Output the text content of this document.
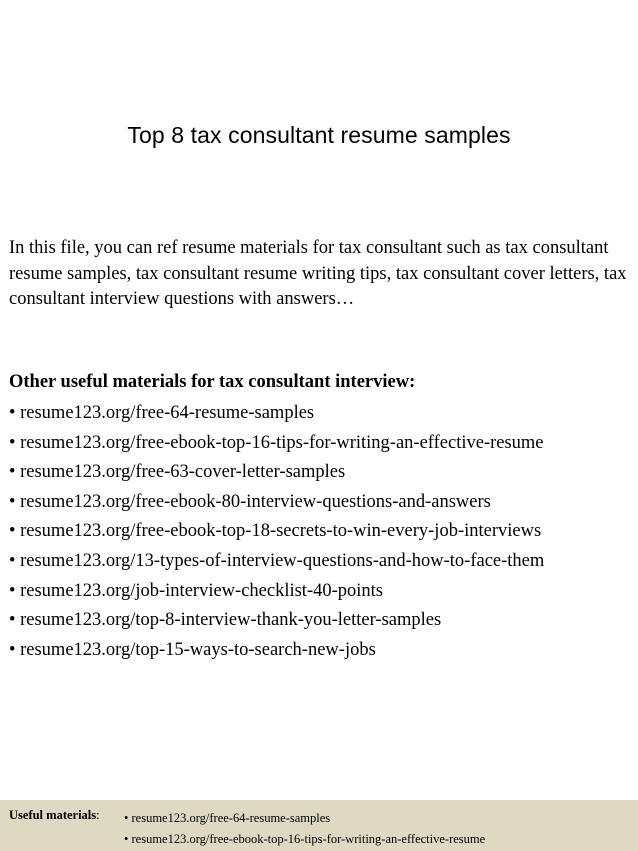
Top 8 tax consultant resume samples

In this file, you can ref resume materials for tax consultant such as tax consultant resume samples, tax consultant resume writing tips, tax consultant cover letters, tax consultant interview questions with answers…

Other useful materials for tax consultant interview:

• resume123.org/free-64-resume-samples
• resume123.org/free-ebook-top-16-tips-for-writing-an-effective-resume
• resume123.org/free-63-cover-letter-samples
• resume123.org/free-ebook-80-interview-questions-and-answers
• resume123.org/free-ebook-top-18-secrets-to-win-every-job-interviews
• resume123.org/13-types-of-interview-questions-and-how-to-face-them
• resume123.org/job-interview-checklist-40-points
• resume123.org/top-8-interview-thank-you-letter-samples
• resume123.org/top-15-ways-to-search-new-jobs
Useful materials: • resume123.org/free-64-resume-samples
• resume123.org/free-ebook-top-16-tips-for-writing-an-effective-resume
